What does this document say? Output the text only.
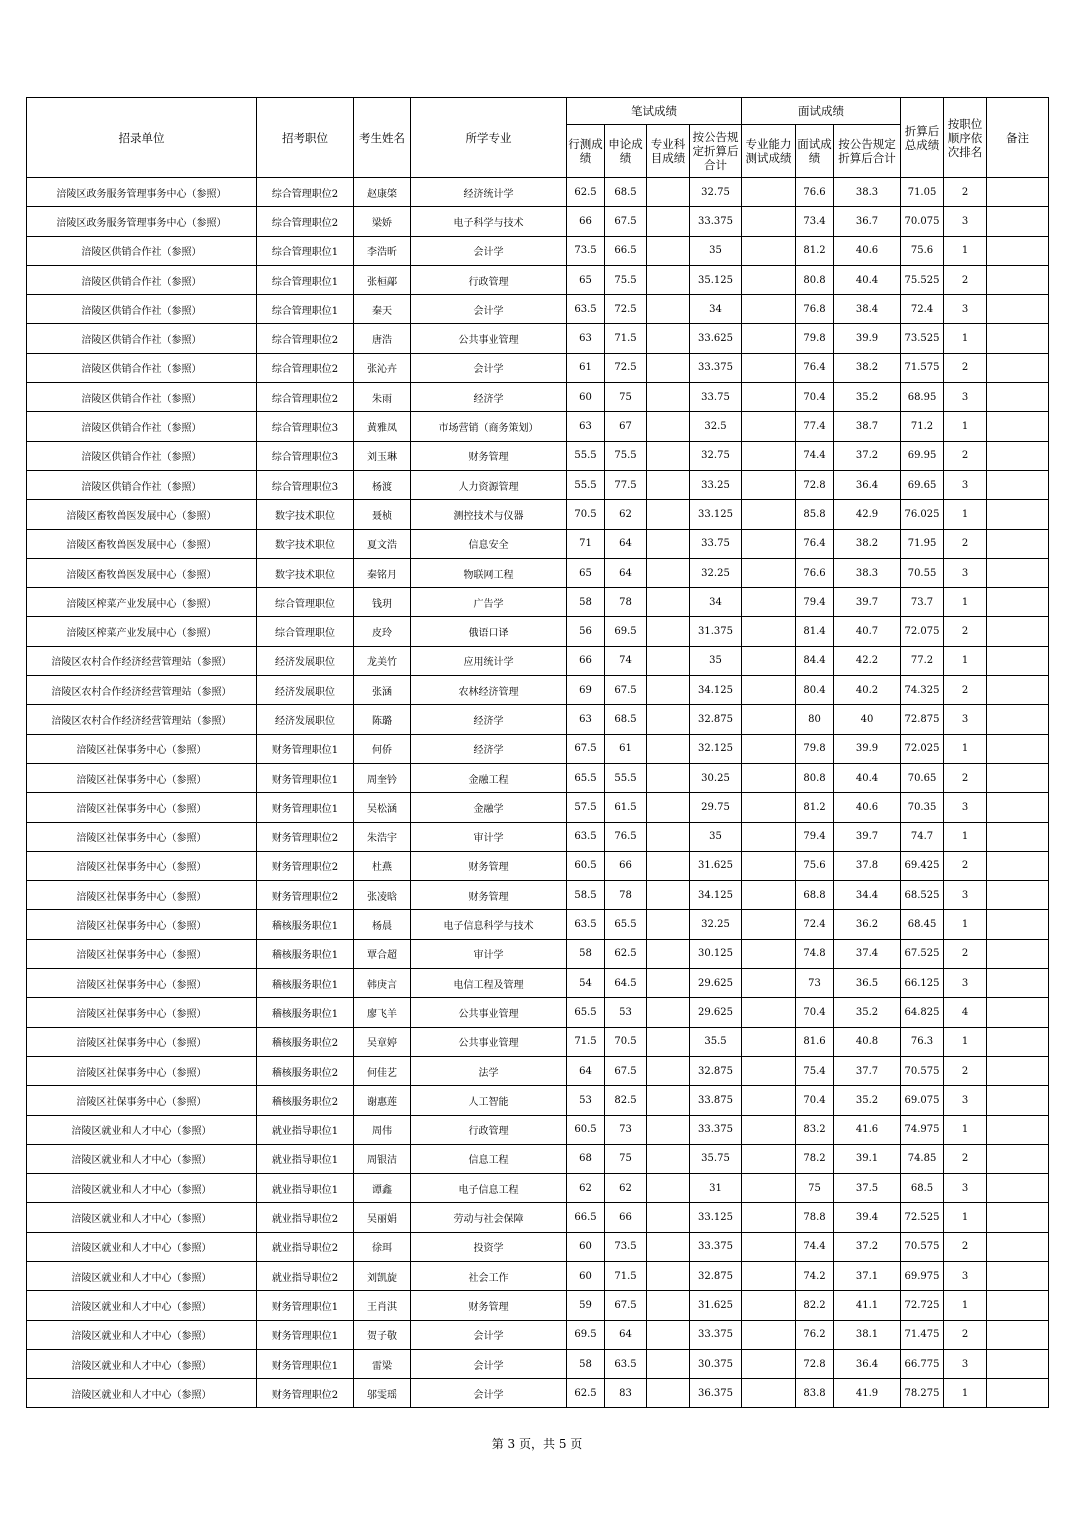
招录单位	招考职位	考生姓名	所学专业	笔试成绩				面试成绩			折算后总成绩	按职位顺序依次排名	备注
				行测成绩	申论成绩	专业科目成绩	按公告规定折算后合计	专业能力测试成绩	面试成绩	按公告规定折算后合计			
涪陵区政务服务管理事务中心（参照）	综合管理职位2	赵康棨	经济统计学	62.5	68.5		32.75		76.6	38.3	71.05	2	
涪陵区政务服务管理事务中心（参照）	综合管理职位2	梁娇	电子科学与技术	66	67.5		33.375		73.4	36.7	70.075	3	
涪陵区供销合作社（参照）	综合管理职位1	李浩昕	会计学	73.5	66.5		35		81.2	40.6	75.6	1	
涪陵区供销合作社（参照）	综合管理职位1	张桓鄗	行政管理	65	75.5		35.125		80.8	40.4	75.525	2	
涪陵区供销合作社（参照）	综合管理职位1	秦天	会计学	63.5	72.5		34		76.8	38.4	72.4	3	
涪陵区供销合作社（参照）	综合管理职位2	唐浩	公共事业管理	63	71.5		33.625		79.8	39.9	73.525	1	
涪陵区供销合作社（参照）	综合管理职位2	张沁卉	会计学	61	72.5		33.375		76.4	38.2	71.575	2	
涪陵区供销合作社（参照）	综合管理职位2	朱雨	经济学	60	75		33.75		70.4	35.2	68.95	3	
涪陵区供销合作社（参照）	综合管理职位3	黄雅凤	市场营销（商务策划）	63	67		32.5		77.4	38.7	71.2	1	
涪陵区供销合作社（参照）	综合管理职位3	刘玉琳	财务管理	55.5	75.5		32.75		74.4	37.2	69.95	2	
涪陵区供销合作社（参照）	综合管理职位3	杨渡	人力资源管理	55.5	77.5		33.25		72.8	36.4	69.65	3	
涪陵区畜牧兽医发展中心（参照）	数字技术职位	聂桢	测控技术与仪器	70.5	62		33.125		85.8	42.9	76.025	1	
涪陵区畜牧兽医发展中心（参照）	数字技术职位	夏文浩	信息安全	71	64		33.75		76.4	38.2	71.95	2	
涪陵区畜牧兽医发展中心（参照）	数字技术职位	秦铭月	物联网工程	65	64		32.25		76.6	38.3	70.55	3	
涪陵区榨菜产业发展中心（参照）	综合管理职位	钱玥	广告学	58	78		34		79.4	39.7	73.7	1	
涪陵区榨菜产业发展中心（参照）	综合管理职位	皮玲	俄语口译	56	69.5		31.375		81.4	40.7	72.075	2	
涪陵区农村合作经济经营管理站（参照）	经济发展职位	龙美竹	应用统计学	66	74		35		84.4	42.2	77.2	1	
涪陵区农村合作经济经营管理站（参照）	经济发展职位	张涵	农林经济管理	69	67.5		34.125		80.4	40.2	74.325	2	
涪陵区农村合作经济经营管理站（参照）	经济发展职位	陈璐	经济学	63	68.5		32.875		80	40	72.875	3	
涪陵区社保事务中心（参照）	财务管理职位1	何侨	经济学	67.5	61		32.125		79.8	39.9	72.025	1	
涪陵区社保事务中心（参照）	财务管理职位1	周奎钤	金融工程	65.5	55.5		30.25		80.8	40.4	70.65	2	
涪陵区社保事务中心（参照）	财务管理职位1	吴松涵	金融学	57.5	61.5		29.75		81.2	40.6	70.35	3	
涪陵区社保事务中心（参照）	财务管理职位2	朱浩宇	审计学	63.5	76.5		35		79.4	39.7	74.7	1	
涪陵区社保事务中心（参照）	财务管理职位2	杜燕	财务管理	60.5	66		31.625		75.6	37.8	69.425	2	
涪陵区社保事务中心（参照）	财务管理职位2	张凌晗	财务管理	58.5	78		34.125		68.8	34.4	68.525	3	
涪陵区社保事务中心（参照）	稽核服务职位1	杨晨	电子信息科学与技术	63.5	65.5		32.25		72.4	36.2	68.45	1	
涪陵区社保事务中心（参照）	稽核服务职位1	覃合超	审计学	58	62.5		30.125		74.8	37.4	67.525	2	
涪陵区社保事务中心（参照）	稽核服务职位1	韩庚言	电信工程及管理	54	64.5		29.625		73	36.5	66.125	3	
涪陵区社保事务中心（参照）	稽核服务职位1	廖飞羊	公共事业管理	65.5	53		29.625		70.4	35.2	64.825	4	
涪陵区社保事务中心（参照）	稽核服务职位2	吴章婷	公共事业管理	71.5	70.5		35.5		81.6	40.8	76.3	1	
涪陵区社保事务中心（参照）	稽核服务职位2	何佳艺	法学	64	67.5		32.875		75.4	37.7	70.575	2	
涪陵区社保事务中心（参照）	稽核服务职位2	谢惠莲	人工智能	53	82.5		33.875		70.4	35.2	69.075	3	
涪陵区就业和人才中心（参照）	就业指导职位1	周伟	行政管理	60.5	73		33.375		83.2	41.6	74.975	1	
涪陵区就业和人才中心（参照）	就业指导职位1	周银洁	信息工程	68	75		35.75		78.2	39.1	74.85	2	
涪陵区就业和人才中心（参照）	就业指导职位1	谭鑫	电子信息工程	62	62		31		75	37.5	68.5	3	
涪陵区就业和人才中心（参照）	就业指导职位2	吴丽娟	劳动与社会保障	66.5	66		33.125		78.8	39.4	72.525	1	
涪陵区就业和人才中心（参照）	就业指导职位2	徐珥	投资学	60	73.5		33.375		74.4	37.2	70.575	2	
涪陵区就业和人才中心（参照）	就业指导职位2	刘凯旋	社会工作	60	71.5		32.875		74.2	37.1	69.975	3	
涪陵区就业和人才中心（参照）	财务管理职位1	王肖淇	财务管理	59	67.5		31.625		82.2	41.1	72.725	1	
涪陵区就业和人才中心（参照）	财务管理职位1	贺子敬	会计学	69.5	64		33.375		76.2	38.1	71.475	2	
涪陵区就业和人才中心（参照）	财务管理职位1	雷梁	会计学	58	63.5		30.375		72.8	36.4	66.775	3	
涪陵区就业和人才中心（参照）	财务管理职位2	邬雯瑶	会计学	62.5	83		36.375		83.8	41.9	78.275	1	
第 3 页，共 5 页
